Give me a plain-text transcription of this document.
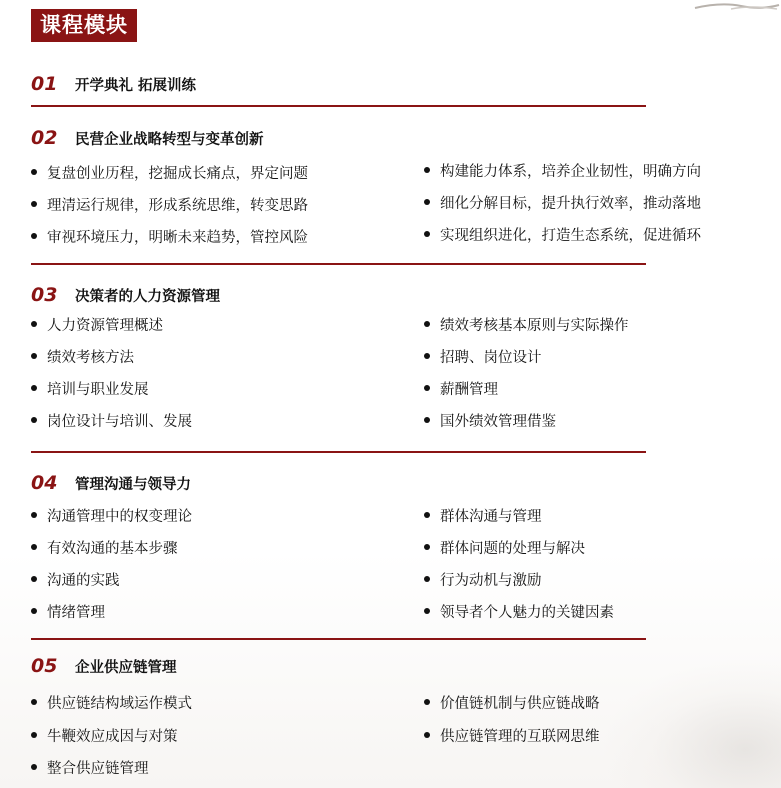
课程模块
01	开学典礼 拓展训练
02	民营企业战略转型与变革创新
复盘创业历程，挖掘成长痛点，界定问题
理清运行规律，形成系统思维，转变思路
审视环境压力，明晰未来趋势，管控风险
构建能力体系，培养企业韧性，明确方向
细化分解目标，提升执行效率，推动落地
实现组织进化，打造生态系统，促进循环
03	决策者的人力资源管理
人力资源管理概述
绩效考核方法
培训与职业发展
岗位设计与培训、发展
绩效考核基本原则与实际操作
招聘、岗位设计
薪酬管理
国外绩效管理借鉴
04	管理沟通与领导力
沟通管理中的权变理论
有效沟通的基本步骤
沟通的实践
情绪管理
群体沟通与管理
群体问题的处理与解决
行为动机与激励
领导者个人魅力的关键因素
05	企业供应链管理
供应链结构域运作模式
牛鞭效应成因与对策
整合供应链管理
价值链机制与供应链战略
供应链管理的互联网思维
